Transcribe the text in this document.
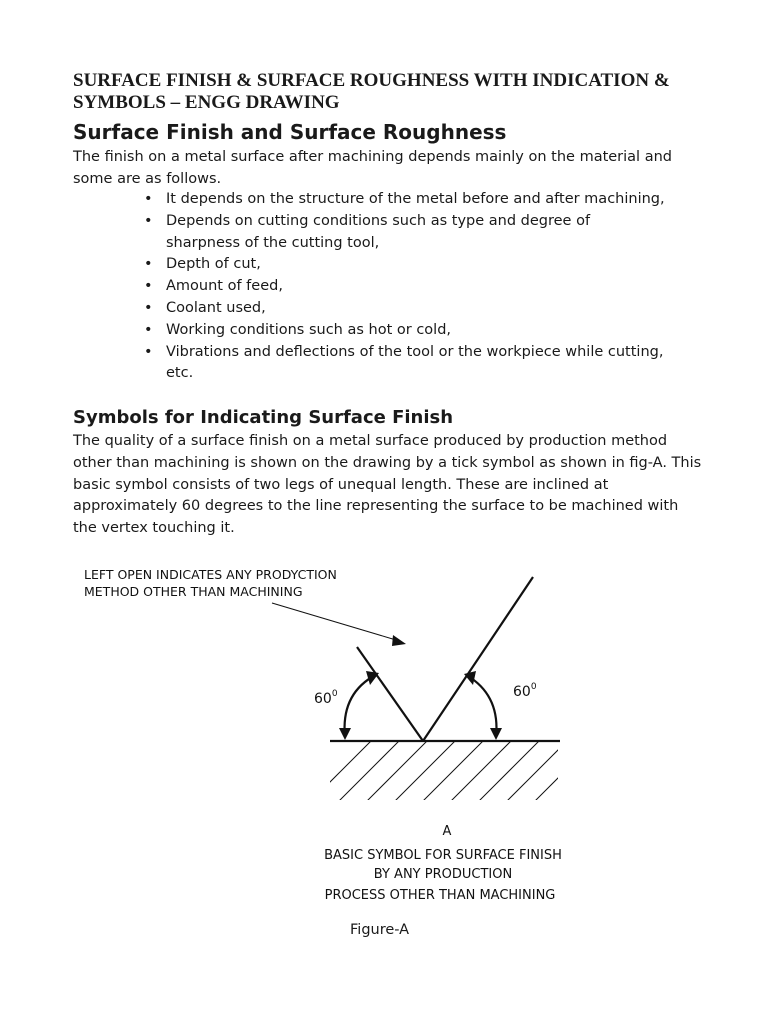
SURFACE FINISH & SURFACE ROUGHNESS WITH INDICATION & SYMBOLS – ENGG DRAWING
Surface Finish and Surface Roughness

The finish on a metal surface after machining depends mainly on the material and some are as follows.

• It depends on the structure of the metal before and after machining,
• Depends on cutting conditions such as type and degree of sharpness of the cutting tool,
• Depth of cut,
• Amount of feed,
• Coolant used,
• Working conditions such as hot or cold,
• Vibrations and deflections of the tool or the workpiece while cutting, etc.
Symbols for Indicating Surface Finish

The quality of a surface finish on a metal surface produced by production method other than machining is shown on the drawing by a tick symbol as shown in fig-A. This basic symbol consists of two legs of unequal length. These are inclined at approximately 60 degrees to the line representing the surface to be machined with the vertex touching it.

LEFT OPEN INDICATES ANY PRODYCTION
METHOD OTHER THAN MACHINING
$60^0$	$60^0$
A
BASIC SYMBOL FOR SURFACE FINISH
BY ANY PRODUCTION
PROCESS OTHER THAN MACHINING

Figure-A
